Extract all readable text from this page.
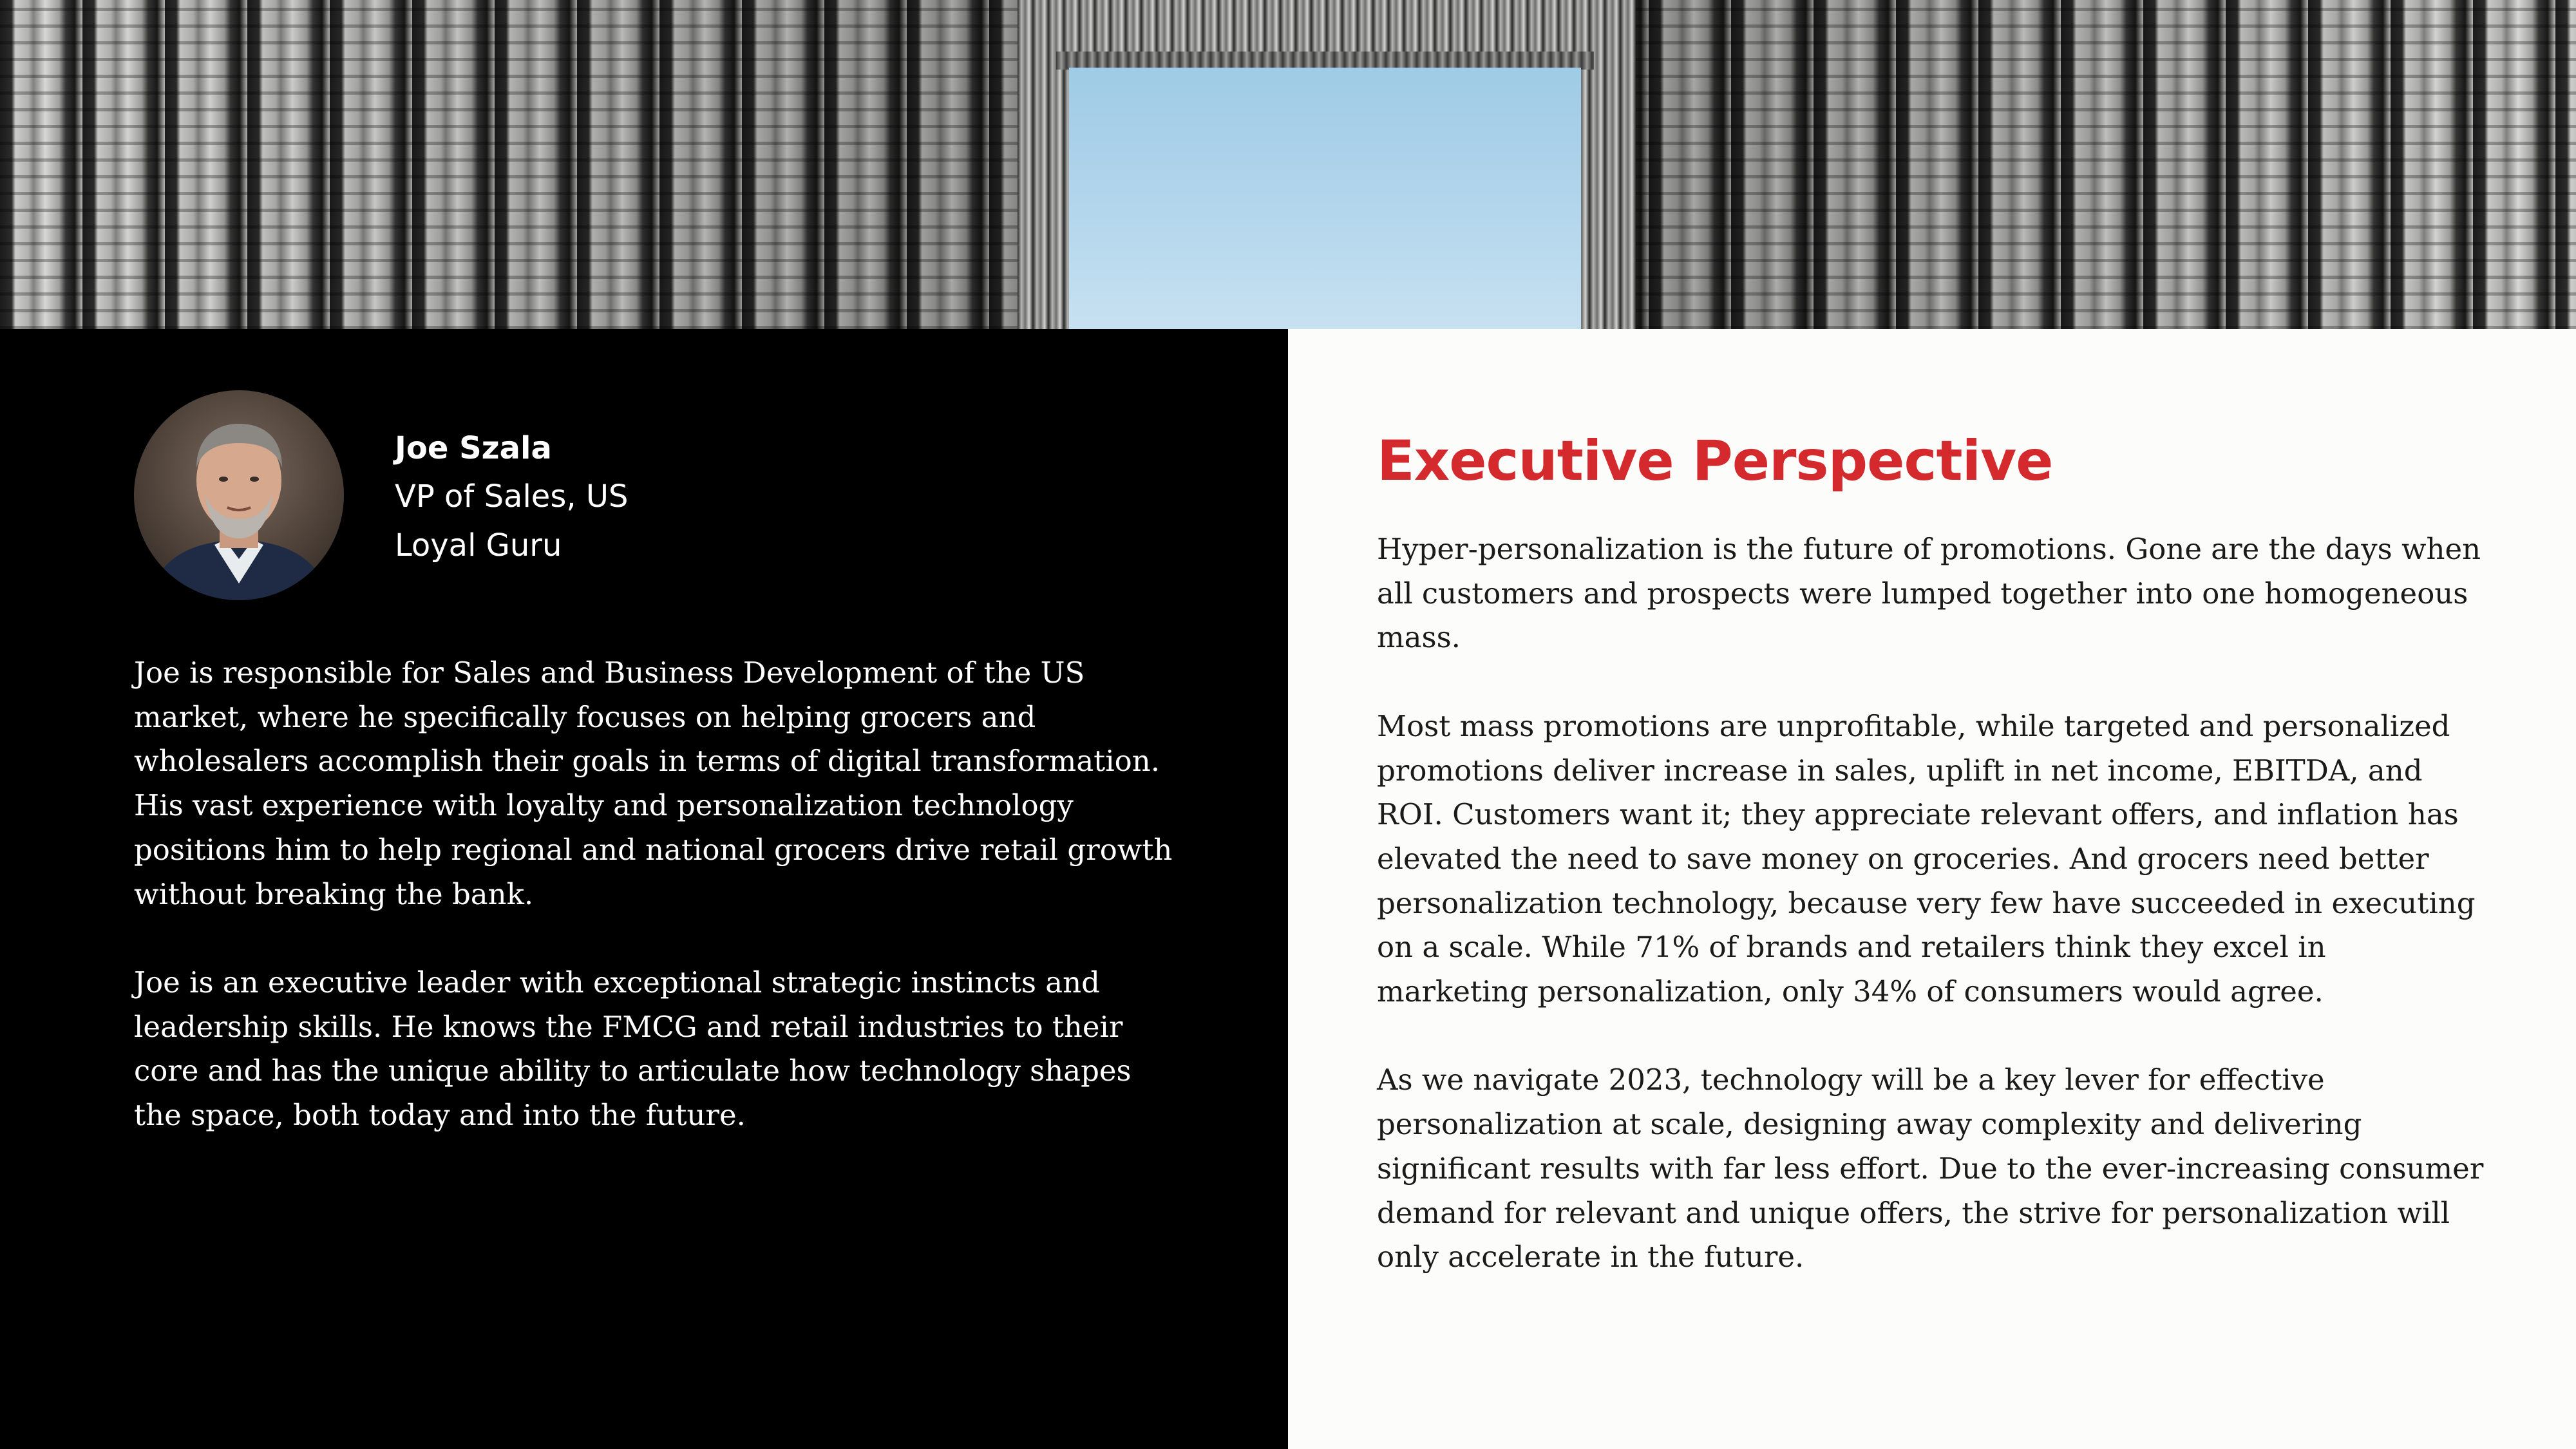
Joe Szala

VP of Sales, US

Loyal Guru

Joe is responsible for Sales and Business Development of the US market, where he specifically focuses on helping grocers and wholesalers accomplish their goals in terms of digital transformation. His vast experience with loyalty and personalization technology positions him to help regional and national grocers drive retail growth without breaking the bank.

Joe is an executive leader with exceptional strategic instincts and leadership skills. He knows the FMCG and retail industries to their core and has the unique ability to articulate how technology shapes the space, both today and into the future.

Executive Perspective

Hyper-personalization is the future of promotions. Gone are the days when all customers and prospects were lumped together into one homogeneous mass.

Most mass promotions are unprofitable, while targeted and personalized promotions deliver increase in sales, uplift in net income, EBITDA, and ROI. Customers want it; they appreciate relevant offers, and inflation has elevated the need to save money on groceries. And grocers need better personalization technology, because very few have succeeded in executing on a scale. While 71% of brands and retailers think they excel in marketing personalization, only 34% of consumers would agree.

As we navigate 2023, technology will be a key lever for effective personalization at scale, designing away complexity and delivering significant results with far less effort. Due to the ever-increasing consumer demand for relevant and unique offers, the strive for personalization will only accelerate in the future.
